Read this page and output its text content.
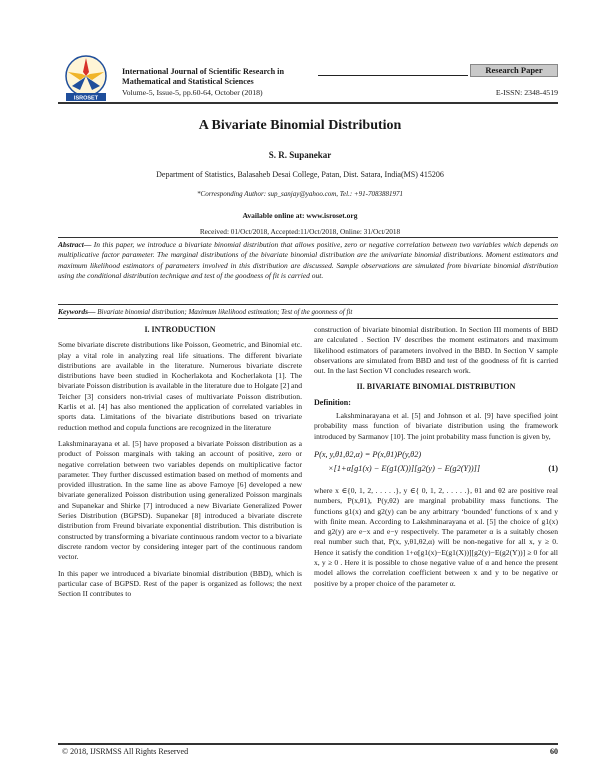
ISROSET
International Journal of Scientific Research in Mathematical and Statistical Sciences
Research Paper
Volume-5, Issue-5, pp.60-64, October (2018)	E-ISSN: 2348-4519
A Bivariate Binomial Distribution
S. R. Supanekar
Department of Statistics, Balasaheb Desai College, Patan, Dist. Satara, India(MS) 415206
*Corresponding Author: sup_sanjay@yahoo.com, Tel.: +91-7083881971
Available online at: www.isroset.org
Received: 01/Oct/2018, Accepted:11/Oct/2018, Online: 31/Oct/2018
Abstract— In this paper, we introduce a bivariate binomial distribution that allows positive, zero or negative correlation between two variables which depends on multiplicative factor parameter. The marginal distributions of the bivariate binomial distribution are the univariate binomial distributions. Moment estimators and maximum likelihood estimators of parameters involved in this distribution are discussed. Sample observations are simulated from bivariate binomial distribution using the conditional distribution technique and test of the goodness of fit is carried out.
Keywords— Bivariate binomial distribution; Maximum likelihood estimation; Test of the goonness of fit
I. INTRODUCTION

Some bivariate discrete distributions like Poisson, Geometric, and Binomial etc. play a vital role in analyzing real life situations. The different bivariate distributions are available in the literature. Numerous bivariate discrete distributions have been studied in Kocherlakota and Kocherlakota [1]. The bivariate Poisson distribution is available in the literature due to Holgate [2] and Teicher [3] considers non-trivial cases of multivariate Poisson distribution. Karlis et al. [4] has also mentioned the application of correlated variables in sports data. Limitations of the bivariate distributions based on trivariate reduction method and copula functions are recognized in the literature

Lakshminarayana et al. [5] have proposed a bivariate Poisson distribution as a product of Poisson marginals with taking an account of positive, zero or negative correlation between two variables depends on multiplicative factor parameter. They further discussed estimation based on method of moments and provided illustration. In the same line as above Famoye [6] developed a new bivariate generalized Poisson distribution using generalized Poisson marginals and Supanekar and Shirke [7] introduced a new Bivariate Generalized Power Series Distribution (BGPSD). Supanekar [8] introduced a bivariate discrete distribution from Freund bivariate exponential distribution. This distribution is constructed by transforming a bivariate continuous random vector to a bivariate discrete random vector by considering integer part of the continuous random vector.

In this paper we introduced a bivariate binomial distribution (BBD), which is particular case of BGPSD. Rest of the paper is organized as follows; the next Section II contributes to

construction of bivariate binomial distribution. In Section III moments of BBD are calculated . Section IV describes the moment estimators and maximum likelihood estimators of parameters involved in the BBD. In Section V sample observations are simulated from BBD and test of the goodness of fit is carried out. In the last Section VI concludes research work.

II. BIVARIATE BINOMIAL DISTRIBUTION
Definition:

Lakshminarayana et al. [5] and Johnson et al. [9] have specified joint probability mass function of bivariate distribution using the framework introduced by Sarmanov [10]. The joint probability mass function is given by,

P(x, y,θ1,θ2,α) = P(x,θ1)P(y,θ2)
×[1+α[g1(x) − E(g1(X))][g2(y) − E(g2(Y))]]	(1)

where x ∈{0, 1, 2, . . . . .}, y ∈{ 0, 1, 2, . . . . .}, θ1 and θ2 are positive real numbers, P(x,θ1), P(y,θ2) are marginal probability mass functions. The functions g1(x) and g2(y) can be any arbitrary ‘bounded’ functions of x and y with finite mean. According to Lakshminarayana et al. [5] the choice of g1(x) and g2(y) are e−x and e−y respectively. The parameter α is a suitably chosen real number such that, P(x, y,θ1,θ2,α) will be non-negative for all x, y ≥ 0. Hence it satisfy the condition 1+α[g1(x)−E(g1(X))][g2(y)−E(g2(Y))] ≥ 0 for all x, y ≥ 0 . Here it is possible to chose negative value of α and hence the present model allows the correlation coefficient between x and y to be negative or positive by a proper choice of the parameter α.

© 2018, IJSRMSS All Rights Reserved	60
